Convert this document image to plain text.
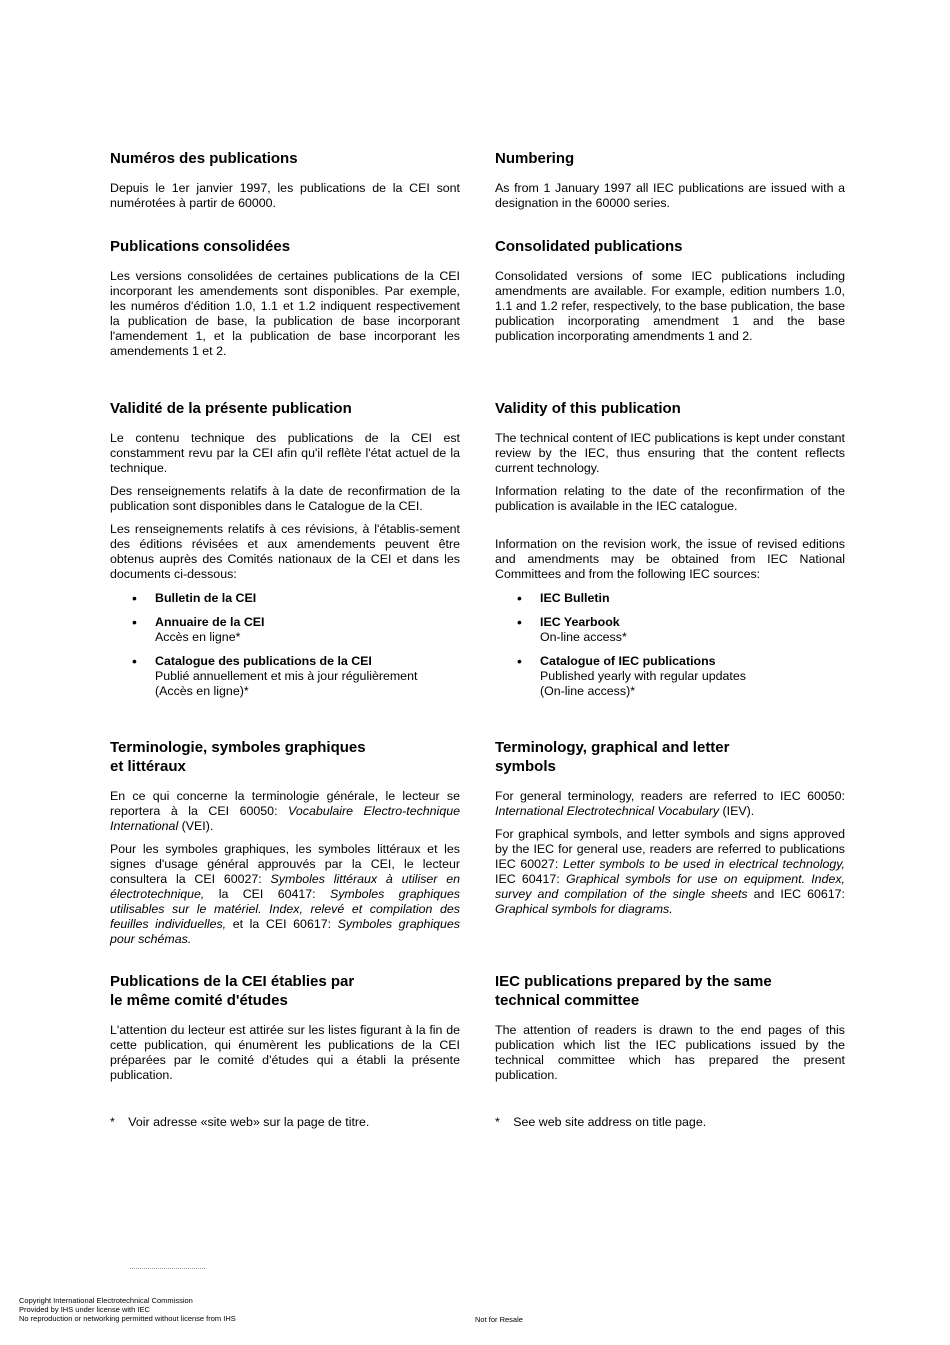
Numéros des publications

Depuis le 1er janvier 1997, les publications de la CEI sont numérotées à partir de 60000.

Publications consolidées

Les versions consolidées de certaines publications de la CEI incorporant les amendements sont disponibles. Par exemple, les numéros d'édition 1.0, 1.1 et 1.2 indiquent respectivement la publication de base, la publication de base incorporant l'amendement 1, et la publication de base incorporant les amendements 1 et 2.

Validité de la présente publication

Le contenu technique des publications de la CEI est constamment revu par la CEI afin qu'il reflète l'état actuel de la technique.

Des renseignements relatifs à la date de reconfirmation de la publication sont disponibles dans le Catalogue de la CEI.

Les renseignements relatifs à ces révisions, à l'établis-sement des éditions révisées et aux amendements peuvent être obtenus auprès des Comités nationaux de la CEI et dans les documents ci-dessous:

• Bulletin de la CEI
• Annuaire de la CEI
Accès en ligne*
• Catalogue des publications de la CEI
Publié annuellement et mis à jour régulièrement
(Accès en ligne)*

Terminologie, symboles graphiques
et littéraux

En ce qui concerne la terminologie générale, le lecteur se reportera à la CEI 60050: Vocabulaire Electro-technique International (VEI).

Pour les symboles graphiques, les symboles littéraux et les signes d'usage général approuvés par la CEI, le lecteur consultera la CEI 60027: Symboles littéraux à utiliser en électrotechnique, la CEI 60417: Symboles graphiques utilisables sur le matériel. Index, relevé et compilation des feuilles individuelles, et la CEI 60617: Symboles graphiques pour schémas.

Publications de la CEI établies par
le même comité d'études

L'attention du lecteur est attirée sur les listes figurant à la fin de cette publication, qui énumèrent les publications de la CEI préparées par le comité d'études qui a établi la présente publication.

* Voir adresse «site web» sur la page de titre.

Numbering

As from 1 January 1997 all IEC publications are issued with a designation in the 60000 series.

Consolidated publications

Consolidated versions of some IEC publications including amendments are available. For example, edition numbers 1.0, 1.1 and 1.2 refer, respectively, to the base publication, the base publication incorporating amendment 1 and the base publication incorporating amendments 1 and 2.

Validity of this publication

The technical content of IEC publications is kept under constant review by the IEC, thus ensuring that the content reflects current technology.

Information relating to the date of the reconfirmation of the publication is available in the IEC catalogue.

Information on the revision work, the issue of revised editions and amendments may be obtained from IEC National Committees and from the following IEC sources:

• IEC Bulletin
• IEC Yearbook
On-line access*
• Catalogue of IEC publications
Published yearly with regular updates
(On-line access)*

Terminology, graphical and letter
symbols

For general terminology, readers are referred to IEC 60050: International Electrotechnical Vocabulary (IEV).

For graphical symbols, and letter symbols and signs approved by the IEC for general use, readers are referred to publications IEC 60027: Letter symbols to be used in electrical technology, IEC 60417: Graphical symbols for use on equipment. Index, survey and compilation of the single sheets and IEC 60617: Graphical symbols for diagrams.

IEC publications prepared by the same
technical committee

The attention of readers is drawn to the end pages of this publication which list the IEC publications issued by the technical committee which has prepared the present publication.

* See web site address on title page.
Copyright International Electrotechnical Commission
Provided by IHS under license with IEC
No reproduction or networking permitted without license from IHS	Not for Resale
